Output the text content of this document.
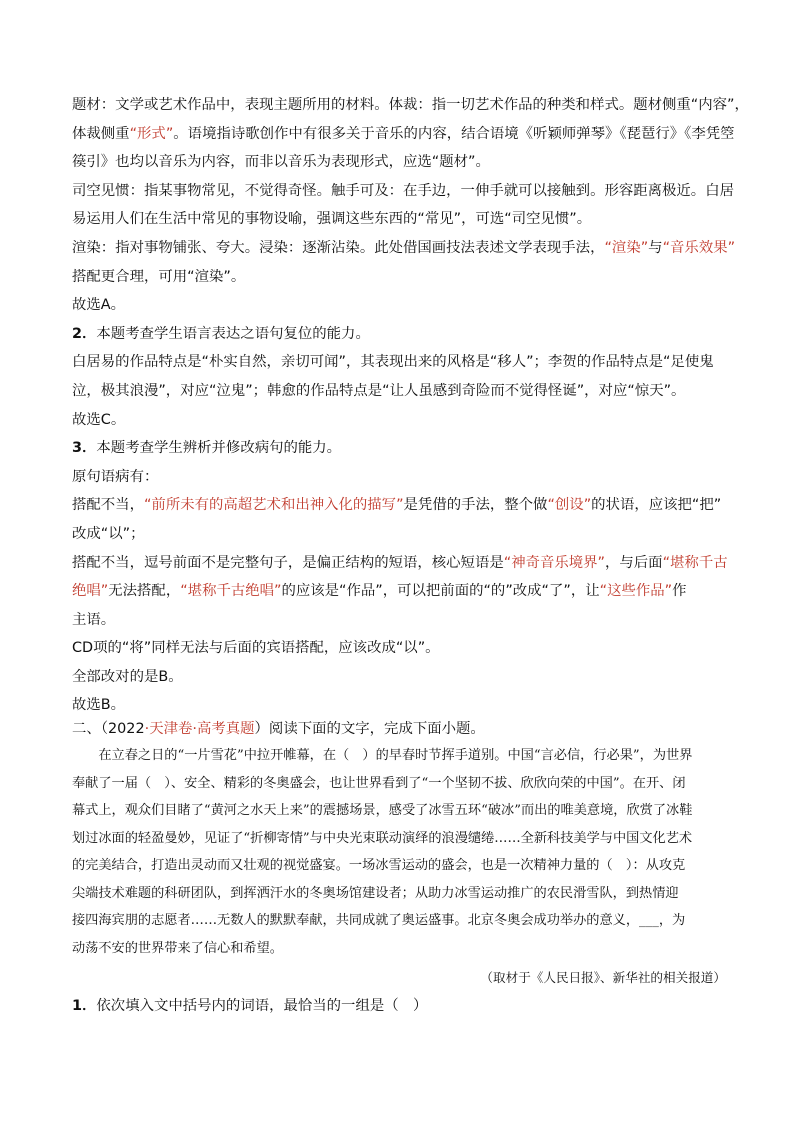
题材：文学或艺术作品中，表现主题所用的材料。体裁：指一切艺术作品的种类和样式。题材侧重“内容”，
体裁侧重“形式”。语境指诗歌创作中有很多关于音乐的内容，结合语境《听颖师弹琴》《琵琶行》《李凭箜
篌引》也均以音乐为内容，而非以音乐为表现形式，应选“题材”。
司空见惯：指某事物常见，不觉得奇怪。触手可及：在手边，一伸手就可以接触到。形容距离极近。白居
易运用人们在生活中常见的事物设喻，强调这些东西的“常见”，可选“司空见惯”。
渲染：指对事物铺张、夸大。浸染：逐渐沾染。此处借国画技法表述文学表现手法，“渲染”与“音乐效果”
搭配更合理，可用“渲染”。
故选A。
2．本题考查学生语言表达之语句复位的能力。
白居易的作品特点是“朴实自然，亲切可闻”，其表现出来的风格是“移人”；李贺的作品特点是“足使鬼
泣，极其浪漫”，对应“泣鬼”；韩愈的作品特点是“让人虽感到奇险而不觉得怪诞”，对应“惊天”。
故选C。
3．本题考查学生辨析并修改病句的能力。
原句语病有：
搭配不当，“前所未有的高超艺术和出神入化的描写”是凭借的手法，整个做“创设”的状语，应该把“把”
改成“以”；
搭配不当，逗号前面不是完整句子，是偏正结构的短语，核心短语是“神奇音乐境界”，与后面“堪称千古
绝唱”无法搭配，“堪称千古绝唱”的应该是“作品”，可以把前面的“的”改成“了”，让“这些作品”作
主语。
CD项的“将”同样无法与后面的宾语搭配，应该改成“以”。
全部改对的是B。
故选B。
二、（2022·天津卷·高考真题）阅读下面的文字，完成下面小题。
　　在立春之日的“一片雪花”中拉开帷幕，在（　）的早春时节挥手道别。中国“言必信，行必果”，为世界
奉献了一届（　）、安全、精彩的冬奥盛会，也让世界看到了“一个坚韧不拔、欣欣向荣的中国”。在开、闭
幕式上，观众们目睹了“黄河之水天上来”的震撼场景，感受了冰雪五环“破冰”而出的唯美意境，欣赏了冰鞋
划过冰面的轻盈曼妙，见证了“折柳寄情”与中央光束联动演绎的浪漫缱绻……全新科技美学与中国文化艺术
的完美结合，打造出灵动而又壮观的视觉盛宴。一场冰雪运动的盛会，也是一次精神力量的（　）：从攻克
尖端技术难题的科研团队，到挥洒汗水的冬奥场馆建设者；从助力冰雪运动推广的农民滑雪队，到热情迎
接四海宾朋的志愿者……无数人的默默奉献，共同成就了奥运盛事。北京冬奥会成功举办的意义，___，为
动荡不安的世界带来了信心和希望。
（取材于《人民日报》、新华社的相关报道）
1．依次填入文中括号内的词语，最恰当的一组是（　）
